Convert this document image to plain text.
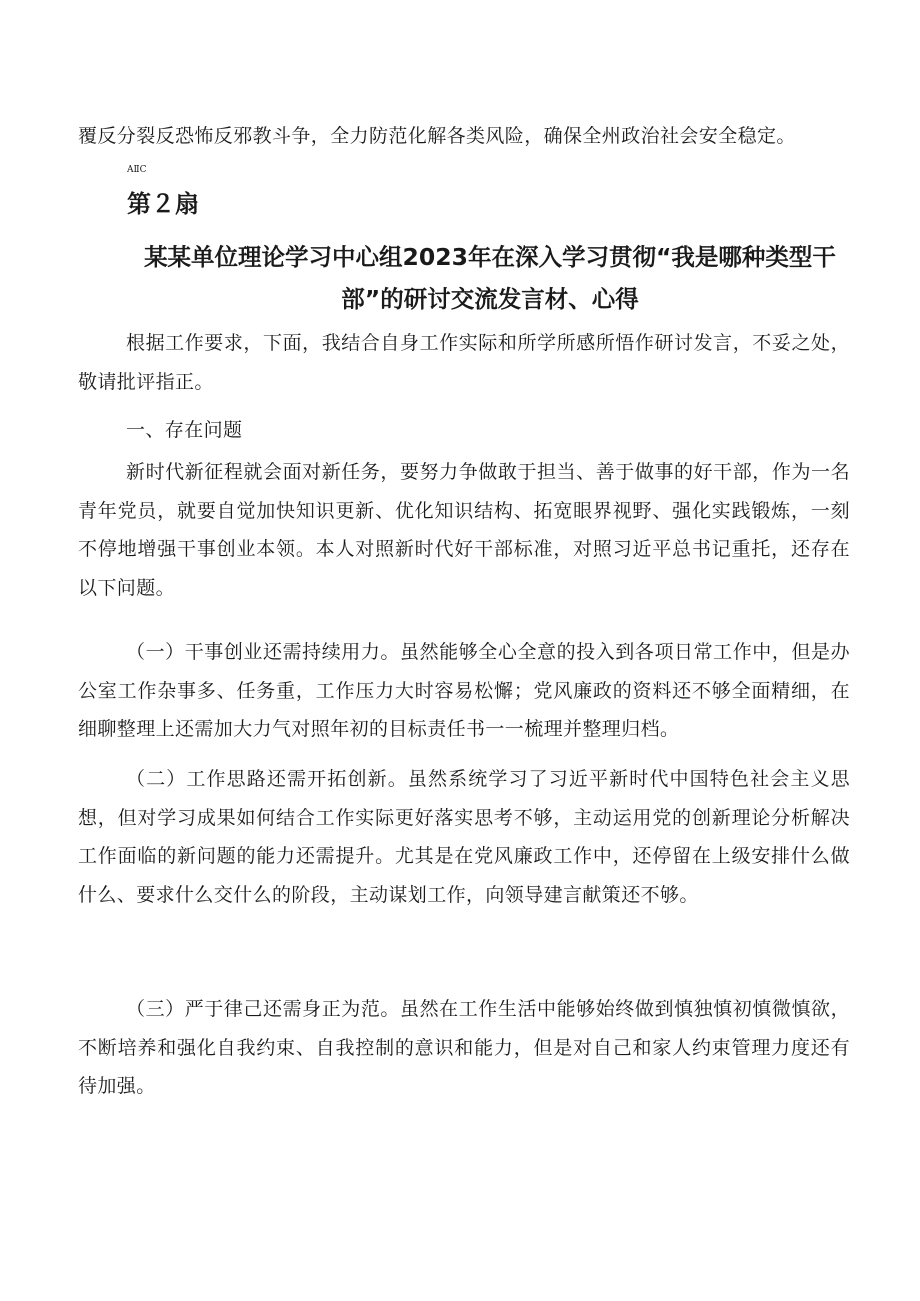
覆反分裂反恐怖反邪教斗争，全力防范化解各类风险，确保全州政治社会安全稳定。

AⅡC
第２扇
某某单位理论学习中心组2023年在深入学习贯彻“我是哪种类型干部”的研讨交流发言材、心得

根据工作要求，下面，我结合自身工作实际和所学所感所悟作研讨发言，不妥之处，敬请批评指正。

一、存在问题

新时代新征程就会面对新任务，要努力争做敢于担当、善于做事的好干部，作为一名青年党员，就要自觉加快知识更新、优化知识结构、拓宽眼界视野、强化实践锻炼，一刻不停地增强干事创业本领。本人对照新时代好干部标准，对照习近平总书记重托，还存在以下问题。

（一）干事创业还需持续用力。虽然能够全心全意的投入到各项日常工作中，但是办公室工作杂事多、任务重，工作压力大时容易松懈；党风廉政的资料还不够全面精细，在细聊整理上还需加大力气对照年初的目标责任书一一梳理并整理归档。

（二）工作思路还需开拓创新。虽然系统学习了习近平新时代中国特色社会主义思想，但对学习成果如何结合工作实际更好落实思考不够，主动运用党的创新理论分析解决工作面临的新问题的能力还需提升。尤其是在党风廉政工作中，还停留在上级安排什么做什么、要求什么交什么的阶段，主动谋划工作，向领导建言献策还不够。

（三）严于律己还需身正为范。虽然在工作生活中能够始终做到慎独慎初慎微慎欲，不断培养和强化自我约束、自我控制的意识和能力，但是对自己和家人约束管理力度还有待加强。
